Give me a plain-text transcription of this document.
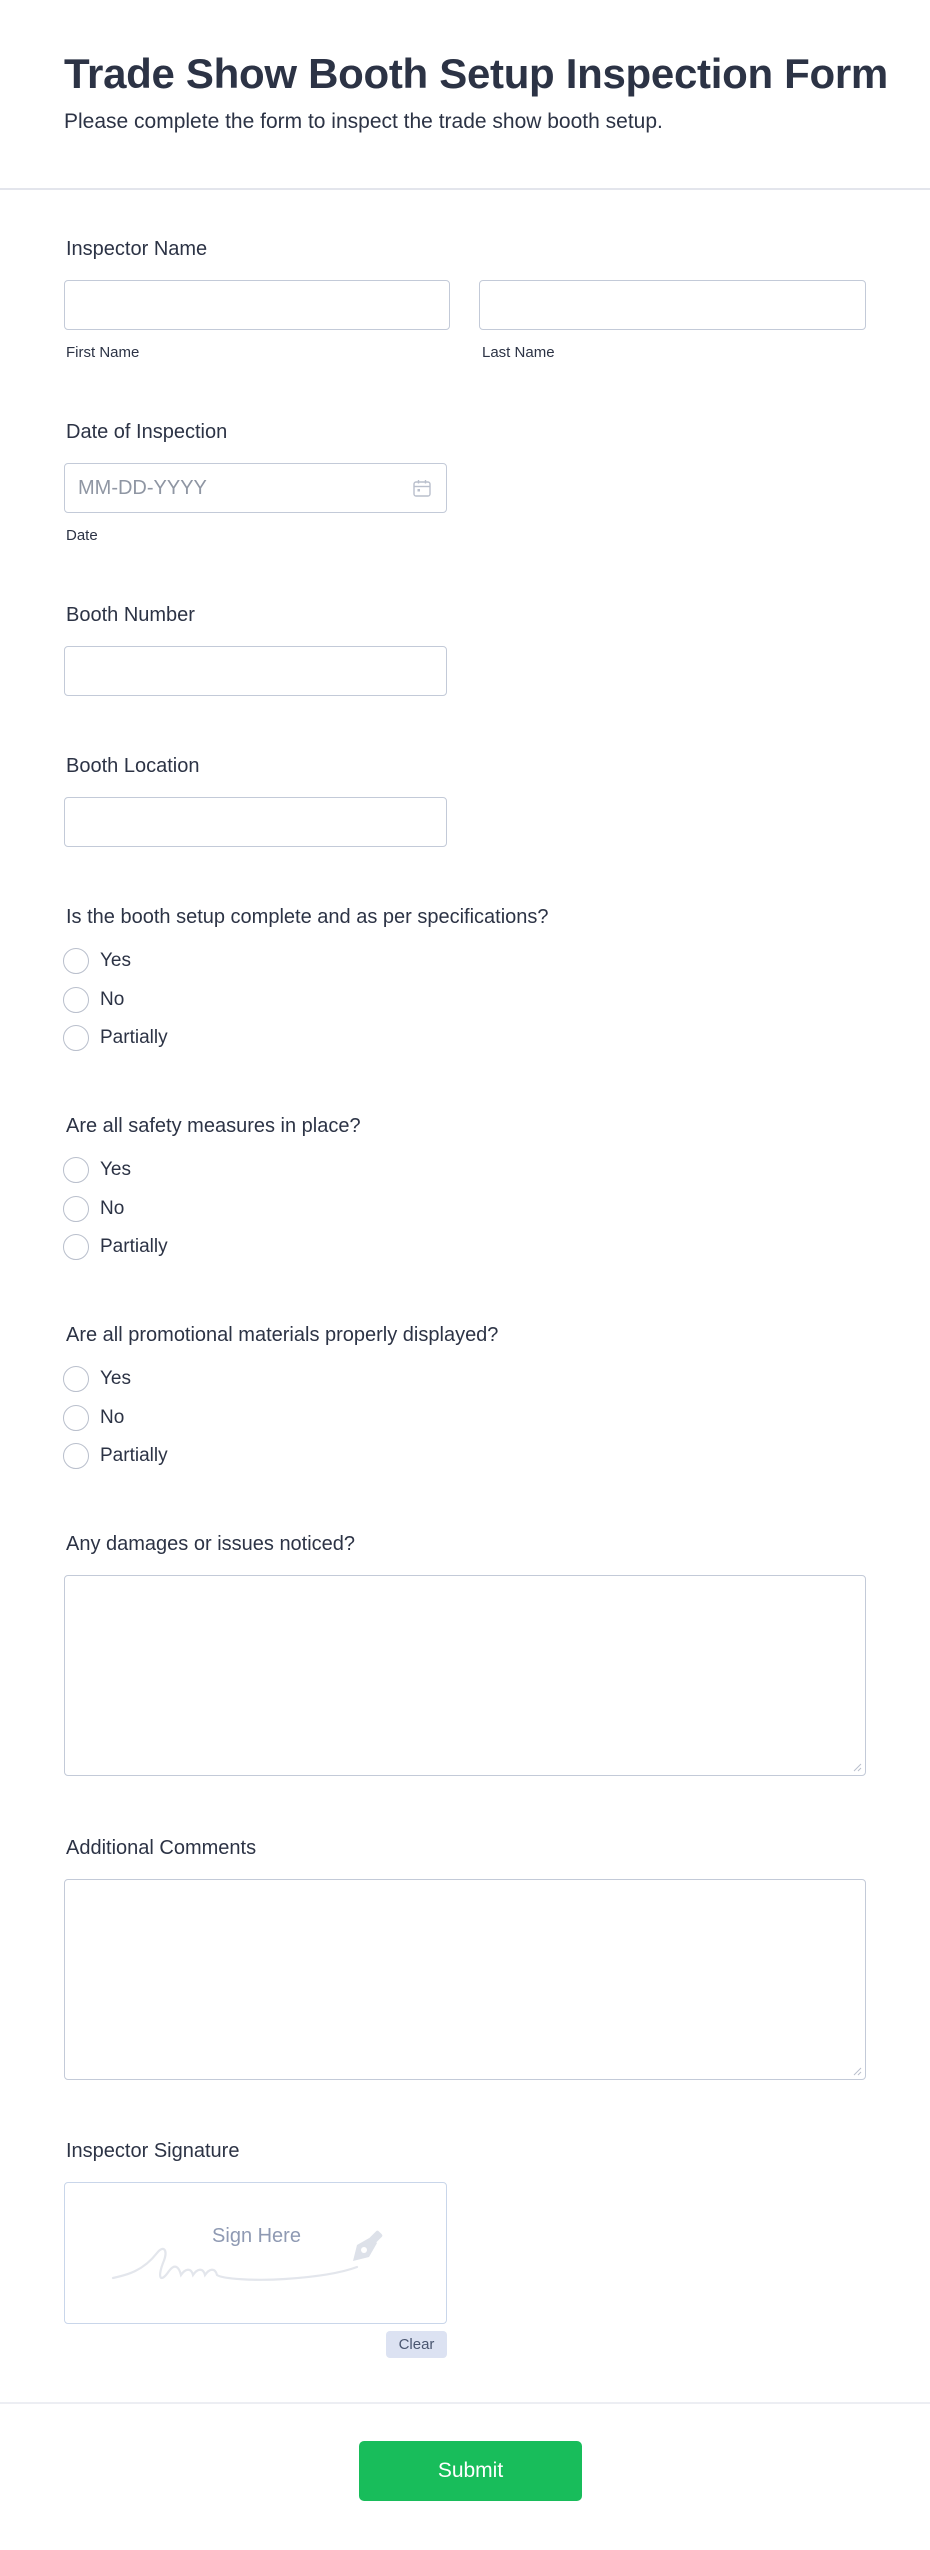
Trade Show Booth Setup Inspection Form
Please complete the form to inspect the trade show booth setup.
Inspector Name
First Name	Last Name
Date of Inspection
MM-DD-YYYY
Date
Booth Number
Booth Location
Is the booth setup complete and as per specifications?
Yes
No
Partially
Are all safety measures in place?
Yes
No
Partially
Are all promotional materials properly displayed?
Yes
No
Partially
Any damages or issues noticed?
Additional Comments
Inspector Signature
Sign Here
Clear
Submit
